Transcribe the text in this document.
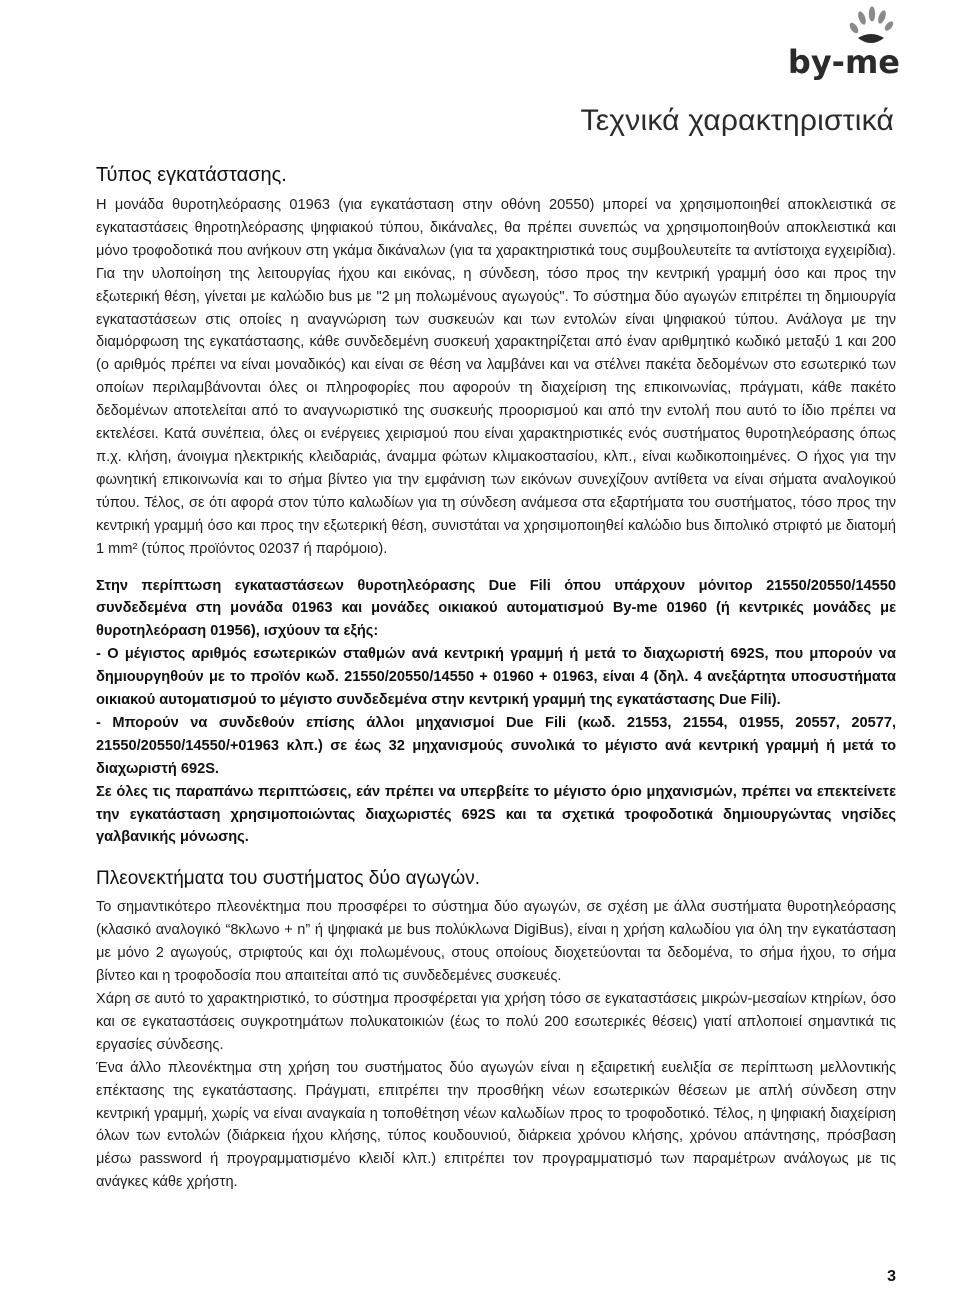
by-me
Τεχνικά χαρακτηριστικά
Τύπος εγκατάστασης.

Η μονάδα θυροτηλεόρασης 01963 (για εγκατάσταση στην οθόνη 20550) μπορεί να χρησιμοποιηθεί αποκλειστικά σε εγκαταστάσεις θηροτηλεόρασης ψηφιακού τύπου, δικάναλες, θα πρέπει συνεπώς να χρησιμοποιηθούν αποκλειστικά και μόνο τροφοδοτικά που ανήκουν στη γκάμα δικάναλων (για τα χαρακτηριστικά τους συμβουλευτείτε τα αντίστοιχα εγχειρίδια). Για την υλοποίηση της λειτουργίας ήχου και εικόνας, η σύνδεση, τόσο προς την κεντρική γραμμή όσο και προς την εξωτερική θέση, γίνεται με καλώδιο bus με "2 μη πολωμένους αγωγούς". Το σύστημα δύο αγωγών επιτρέπει τη δημιουργία εγκαταστάσεων στις οποίες η αναγνώριση των συσκευών και των εντολών είναι ψηφιακού τύπου. Ανάλογα με την διαμόρφωση της εγκατάστασης, κάθε συνδεδεμένη συσκευή χαρακτηρίζεται από έναν αριθμητικό κωδικό μεταξύ 1 και 200 (ο αριθμός πρέπει να είναι μοναδικός) και είναι σε θέση να λαμβάνει και να στέλνει πακέτα δεδομένων στο εσωτερικό των οποίων περιλαμβάνονται όλες οι πληροφορίες που αφορούν τη διαχείριση της επικοινωνίας, πράγματι, κάθε πακέτο δεδομένων αποτελείται από το αναγνωριστικό της συσκευής προορισμού και από την εντολή που αυτό το ίδιο πρέπει να εκτελέσει. Κατά συνέπεια, όλες οι ενέργειες χειρισμού που είναι χαρακτηριστικές ενός συστήματος θυροτηλεόρασης όπως π.χ. κλήση, άνοιγμα ηλεκτρικής κλειδαριάς, άναμμα φώτων κλιμακοστασίου, κλπ., είναι κωδικοποιημένες. Ο ήχος για την φωνητική επικοινωνία και το σήμα βίντεο για την εμφάνιση των εικόνων συνεχίζουν αντίθετα να είναι σήματα αναλογικού τύπου. Τέλος, σε ότι αφορά στον τύπο καλωδίων για τη σύνδεση ανάμεσα στα εξαρτήματα του συστήματος, τόσο προς την κεντρική γραμμή όσο και προς την εξωτερική θέση, συνιστάται να χρησιμοποιηθεί καλώδιο bus διπολικό στριφτό με διατομή 1 mm² (τύπος προϊόντος 02037 ή παρόμοιο).

Στην περίπτωση εγκαταστάσεων θυροτηλεόρασης Due Fili όπου υπάρχουν μόνιτορ 21550/20550/14550 συνδεδεμένα στη μονάδα 01963 και μονάδες οικιακού αυτοματισμού By-me 01960 (ή κεντρικές μονάδες με θυροτηλεόραση 01956), ισχύουν τα εξής:

- Ο μέγιστος αριθμός εσωτερικών σταθμών ανά κεντρική γραμμή ή μετά το διαχωριστή 692S, που μπορούν να δημιουργηθούν με το προϊόν κωδ. 21550/20550/14550 + 01960 + 01963, είναι 4 (δηλ. 4 ανεξάρτητα υποσυστήματα οικιακού αυτοματισμού το μέγιστο συνδεδεμένα στην κεντρική γραμμή της εγκατάστασης Due Fili).

- Μπορούν να συνδεθούν επίσης άλλοι μηχανισμοί Due Fili (κωδ. 21553, 21554, 01955, 20557, 20577, 21550/20550/14550/+01963 κλπ.) σε έως 32 μηχανισμούς συνολικά το μέγιστο ανά κεντρική γραμμή ή μετά το διαχωριστή 692S.

Σε όλες τις παραπάνω περιπτώσεις, εάν πρέπει να υπερβείτε το μέγιστο όριο μηχανισμών, πρέπει να επεκτείνετε την εγκατάσταση χρησιμοποιώντας διαχωριστές 692S και τα σχετικά τροφοδοτικά δημιουργώντας νησίδες γαλβανικής μόνωσης.

Πλεονεκτήματα του συστήματος δύο αγωγών.

Το σημαντικότερο πλεονέκτημα που προσφέρει το σύστημα δύο αγωγών, σε σχέση με άλλα συστήματα θυροτηλεόρασης (κλασικό αναλογικό “8κλωνο + n” ή ψηφιακά με bus πολύκλωνα DigiBus), είναι η χρήση καλωδίου για όλη την εγκατάσταση με μόνο 2 αγωγούς, στριφτούς και όχι πολωμένους, στους οποίους διοχετεύονται τα δεδομένα, το σήμα ήχου, το σήμα βίντεο και η τροφοδοσία που απαιτείται από τις συνδεδεμένες συσκευές.

Χάρη σε αυτό το χαρακτηριστικό, το σύστημα προσφέρεται για χρήση τόσο σε εγκαταστάσεις μικρών-μεσαίων κτηρίων, όσο και σε εγκαταστάσεις συγκροτημάτων πολυκατοικιών (έως το πολύ 200 εσωτερικές θέσεις) γιατί απλοποιεί σημαντικά τις εργασίες σύνδεσης.

Ένα άλλο πλεονέκτημα στη χρήση του συστήματος δύο αγωγών είναι η εξαιρετική ευελιξία σε περίπτωση μελλοντικής επέκτασης της εγκατάστασης. Πράγματι, επιτρέπει την προσθήκη νέων εσωτερικών θέσεων με απλή σύνδεση στην κεντρική γραμμή, χωρίς να είναι αναγκαία η τοποθέτηση νέων καλωδίων προς το τροφοδοτικό. Τέλος, η ψηφιακή διαχείριση όλων των εντολών (διάρκεια ήχου κλήσης, τύπος κουδουνιού, διάρκεια χρόνου κλήσης, χρόνου απάντησης, πρόσβαση μέσω password ή προγραμματισμένο κλειδί κλπ.) επιτρέπει τον προγραμματισμό των παραμέτρων ανάλογως με τις ανάγκες κάθε χρήστη.

3
